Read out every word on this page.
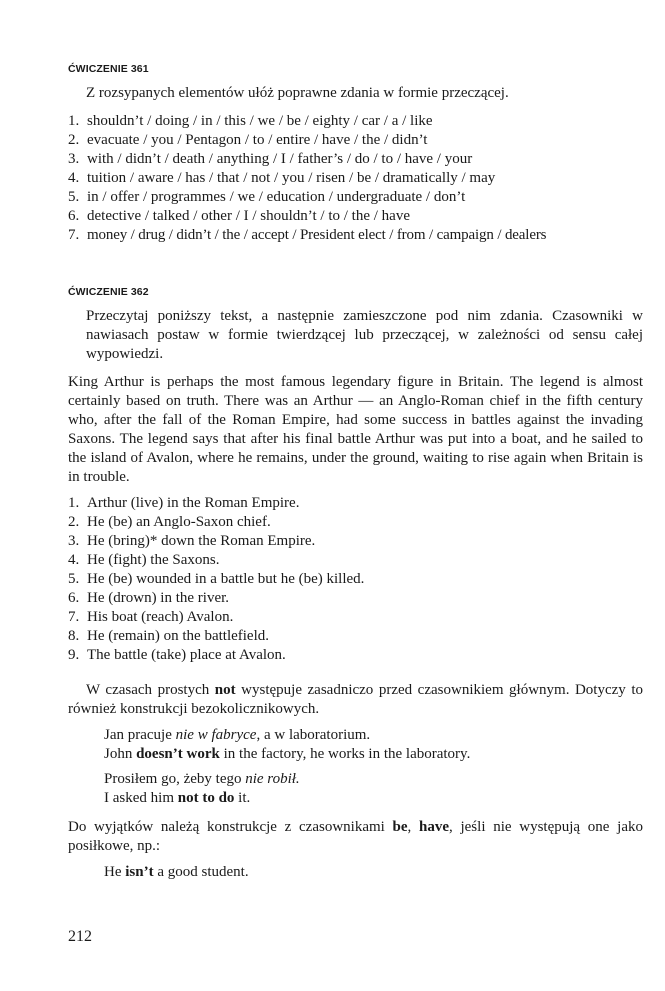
ĆWICZENIE 361

Z rozsypanych elementów ułóż poprawne zdania w formie przeczącej.

1. shouldn’t / doing / in / this / we / be / eighty / car / a / like
2. evacuate / you / Pentagon / to / entire / have / the / didn’t
3. with / didn’t / death / anything / I / father’s / do / to / have / your
4. tuition / aware / has / that / not / you / risen / be / dramatically / may
5. in / offer / programmes / we / education / undergraduate / don’t
6. detective / talked / other / I / shouldn’t / to / the / have
7. money / drug / didn’t / the / accept / President elect / from / campaign / dealers
ĆWICZENIE 362

Przeczytaj poniższy tekst, a następnie zamieszczone pod nim zdania. Czasowniki w nawiasach postaw w formie twierdzącej lub przeczącej, w zależności od sensu całej wypowiedzi.

King Arthur is perhaps the most famous legendary figure in Britain. The legend is almost certainly based on truth. There was an Arthur — an Anglo-Roman chief in the fifth century who, after the fall of the Roman Empire, had some success in battles against the invading Saxons. The legend says that after his final battle Arthur was put into a boat, and he sailed to the island of Avalon, where he remains, under the ground, waiting to rise again when Britain is in trouble.

1. Arthur (live) in the Roman Empire.
2. He (be) an Anglo-Saxon chief.
3. He (bring)* down the Roman Empire.
4. He (fight) the Saxons.
5. He (be) wounded in a battle but he (be) killed.
6. He (drown) in the river.
7. His boat (reach) Avalon.
8. He (remain) on the battlefield.
9. The battle (take) place at Avalon.

W czasach prostych not występuje zasadniczo przed czasownikiem głównym. Dotyczy to również konstrukcji bezokolicznikowych.

Jan pracuje nie w fabryce, a w laboratorium.

John doesn’t work in the factory, he works in the laboratory.

Prosiłem go, żeby tego nie robił.

I asked him not to do it.

Do wyjątków należą konstrukcje z czasownikami be, have, jeśli nie występują one jako posiłkowe, np.:

He isn’t a good student.

212
